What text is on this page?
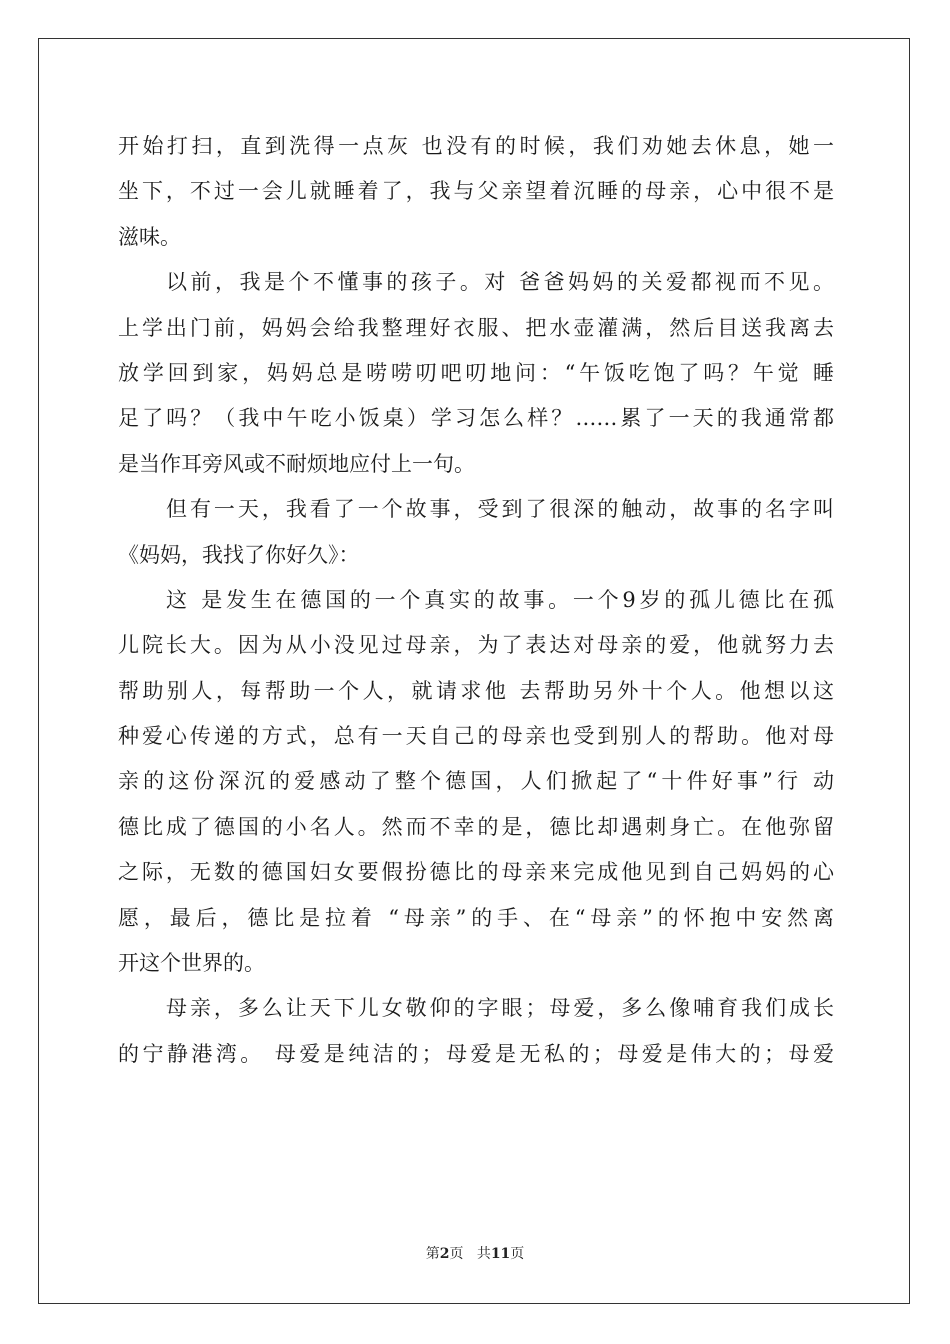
开始打扫，直到洗得一点灰 也没有的时候，我们劝她去休息，她一
坐下，不过一会儿就睡着了，我与父亲望着沉睡的母亲，心中很不是
滋味。
以前，我是个不懂事的孩子。对 爸爸妈妈的关爱都视而不见。
上学出门前，妈妈会给我整理好衣服、把水壶灌满，然后目送我离去
放学回到家，妈妈总是唠唠叨吧叨地问：“午饭吃饱了吗？午觉 睡
足了吗？（我中午吃小饭桌）学习怎么样？……累了一天的我通常都
是当作耳旁风或不耐烦地应付上一句。
但有一天，我看了一个故事，受到了很深的触动，故事的名字叫
《妈妈，我找了你好久》：
这 是发生在德国的一个真实的故事。一个9岁的孤儿德比在孤
儿院长大。因为从小没见过母亲，为了表达对母亲的爱，他就努力去
帮助别人，每帮助一个人，就请求他 去帮助另外十个人。他想以这
种爱心传递的方式，总有一天自己的母亲也受到别人的帮助。他对母
亲的这份深沉的爱感动了整个德国，人们掀起了“十件好事”行 动
德比成了德国的小名人。然而不幸的是，德比却遇刺身亡。在他弥留
之际，无数的德国妇女要假扮德比的母亲来完成他见到自己妈妈的心
愿，最后，德比是拉着 “母亲”的手、在“母亲”的怀抱中安然离
开这个世界的。
母亲，多么让天下儿女敬仰的字眼；母爱，多么像哺育我们成长
的宁静港湾。 母爱是纯洁的；母爱是无私的；母爱是伟大的；母爱
第2页 共11页
